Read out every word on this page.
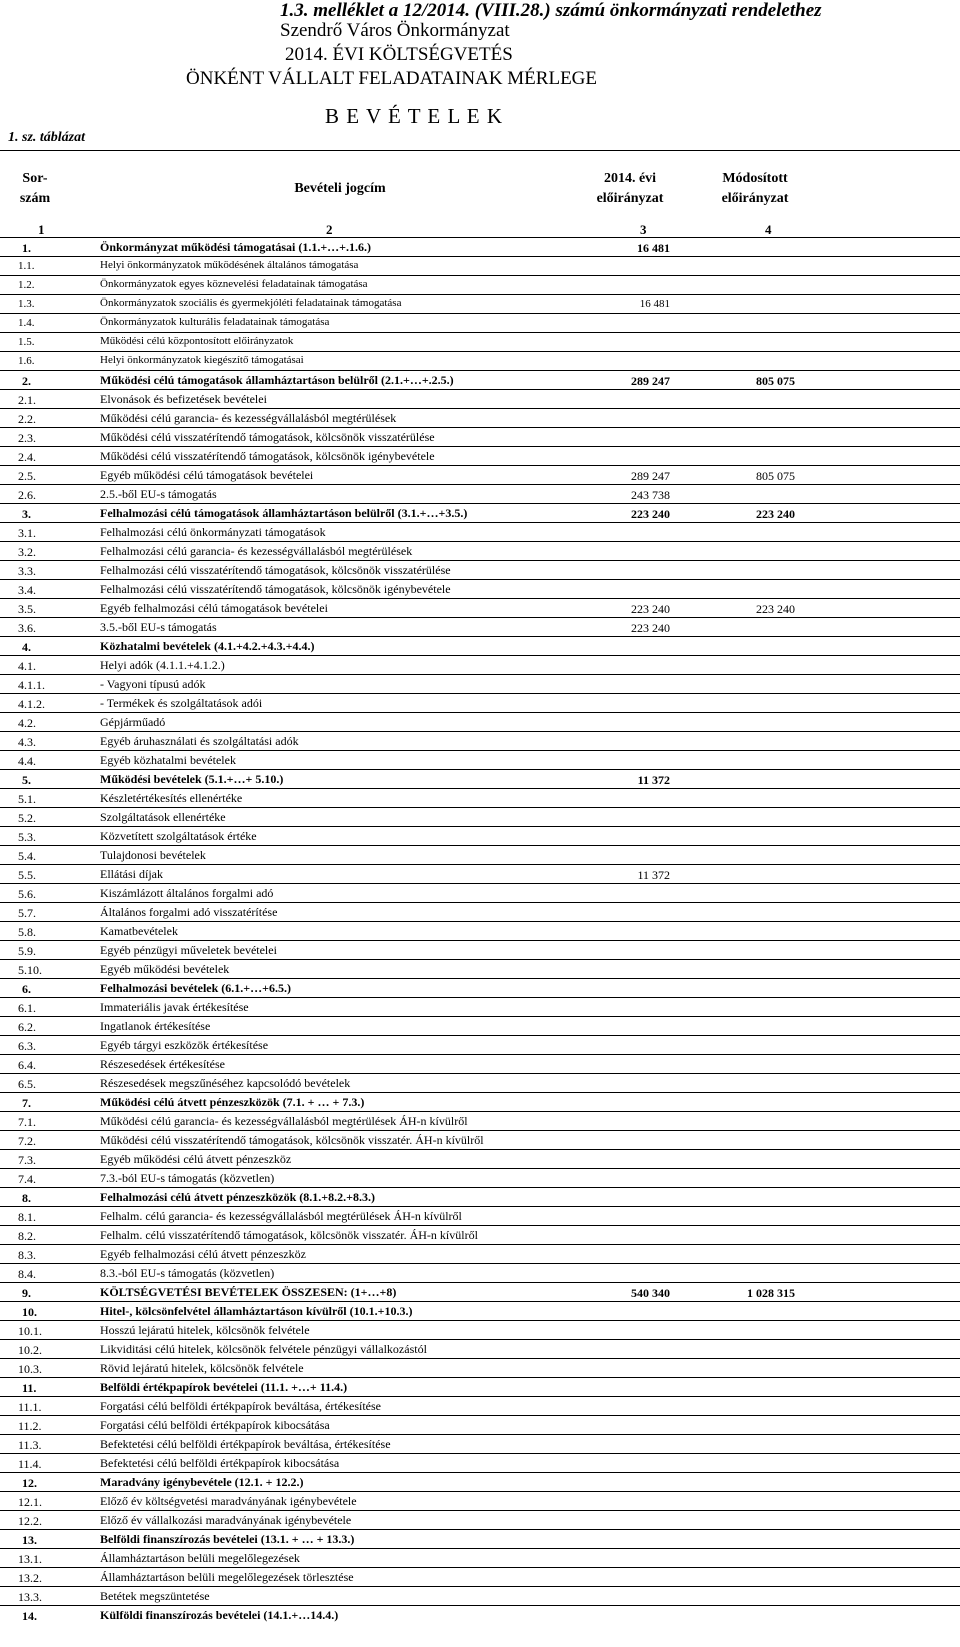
1.3. melléklet a 12/2014. (VIII.28.) számú önkormányzati rendelethez
Szendrő Város Önkormányzat
2014. ÉVI KÖLTSÉGVETÉS
ÖNKÉNT VÁLLALT FELADATAINAK MÉRLEGE
B E V É T E L E K
1. sz. táblázat
Sor-
szám
Bevételi jogcím
2014. évi
előirányzat
Módosított
előirányzat
1	2	3	4
1.	Önkormányzat működési támogatásai (1.1.+…+.1.6.)	16 481
1.1.	Helyi önkormányzatok működésének általános támogatása
1.2.	Önkormányzatok egyes köznevelési feladatainak támogatása
1.3.	Önkormányzatok szociális és gyermekjóléti feladatainak támogatása	16 481
1.4.	Önkormányzatok kulturális feladatainak támogatása
1.5.	Működési célú központosított előirányzatok
1.6.	Helyi önkormányzatok kiegészítő támogatásai
2.	Működési célú támogatások államháztartáson belülről (2.1.+…+.2.5.)	289 247	805 075
2.1.	Elvonások és befizetések bevételei
2.2.	Működési célú garancia- és kezességvállalásból megtérülések
2.3.	Működési célú visszatérítendő támogatások, kölcsönök visszatérülése
2.4.	Működési célú visszatérítendő támogatások, kölcsönök igénybevétele
2.5.	Egyéb működési célú támogatások bevételei	289 247	805 075
2.6.	2.5.-ből EU-s támogatás	243 738
3.	Felhalmozási célú támogatások államháztartáson belülről (3.1.+…+3.5.)	223 240	223 240
3.1.	Felhalmozási célú önkormányzati támogatások
3.2.	Felhalmozási célú garancia- és kezességvállalásból megtérülések
3.3.	Felhalmozási célú visszatérítendő támogatások, kölcsönök visszatérülése
3.4.	Felhalmozási célú visszatérítendő támogatások, kölcsönök igénybevétele
3.5.	Egyéb felhalmozási célú támogatások bevételei	223 240	223 240
3.6.	3.5.-ből EU-s támogatás	223 240
4.	Közhatalmi bevételek (4.1.+4.2.+4.3.+4.4.)
4.1.	Helyi adók (4.1.1.+4.1.2.)
4.1.1.	- Vagyoni típusú adók
4.1.2.	- Termékek és szolgáltatások adói
4.2.	Gépjárműadó
4.3.	Egyéb áruhasználati és szolgáltatási adók
4.4.	Egyéb közhatalmi bevételek
5.	Működési bevételek (5.1.+…+ 5.10.)	11 372
5.1.	Készletértékesítés ellenértéke
5.2.	Szolgáltatások ellenértéke
5.3.	Közvetített szolgáltatások értéke
5.4.	Tulajdonosi bevételek
5.5.	Ellátási díjak	11 372
5.6.	Kiszámlázott általános forgalmi adó
5.7.	Általános forgalmi adó visszatérítése
5.8.	Kamatbevételek
5.9.	Egyéb pénzügyi műveletek bevételei
5.10.	Egyéb működési bevételek
6.	Felhalmozási bevételek (6.1.+…+6.5.)
6.1.	Immateriális javak értékesítése
6.2.	Ingatlanok értékesítése
6.3.	Egyéb tárgyi eszközök értékesítése
6.4.	Részesedések értékesítése
6.5.	Részesedések megszűnéséhez kapcsolódó bevételek
7.	Működési célú átvett pénzeszközök (7.1. + … + 7.3.)
7.1.	Működési célú garancia- és kezességvállalásból megtérülések ÁH-n kívülről
7.2.	Működési célú visszatérítendő támogatások, kölcsönök visszatér. ÁH-n kívülről
7.3.	Egyéb működési célú átvett pénzeszköz
7.4.	7.3.-ból EU-s támogatás (közvetlen)
8.	Felhalmozási célú átvett pénzeszközök (8.1.+8.2.+8.3.)
8.1.	Felhalm. célú garancia- és kezességvállalásból megtérülések ÁH-n kívülről
8.2.	Felhalm. célú visszatérítendő támogatások, kölcsönök visszatér. ÁH-n kívülről
8.3.	Egyéb felhalmozási célú átvett pénzeszköz
8.4.	8.3.-ból EU-s támogatás (közvetlen)
9.	KÖLTSÉGVETÉSI BEVÉTELEK ÖSSZESEN: (1+…+8)	540 340	1 028 315
10.	Hitel-, kölcsönfelvétel államháztartáson kívülről (10.1.+10.3.)
10.1.	Hosszú lejáratú hitelek, kölcsönök felvétele
10.2.	Likviditási célú hitelek, kölcsönök felvétele pénzügyi vállalkozástól
10.3.	Rövid lejáratú hitelek, kölcsönök felvétele
11.	Belföldi értékpapírok bevételei (11.1. +…+ 11.4.)
11.1.	Forgatási célú belföldi értékpapírok beváltása, értékesítése
11.2.	Forgatási célú belföldi értékpapírok kibocsátása
11.3.	Befektetési célú belföldi értékpapírok beváltása, értékesítése
11.4.	Befektetési célú belföldi értékpapírok kibocsátása
12.	Maradvány igénybevétele (12.1. + 12.2.)
12.1.	Előző év költségvetési maradványának igénybevétele
12.2.	Előző év vállalkozási maradványának igénybevétele
13.	Belföldi finanszírozás bevételei (13.1. + … + 13.3.)
13.1.	Államháztartáson belüli megelőlegezések
13.2.	Államháztartáson belüli megelőlegezések törlesztése
13.3.	Betétek megszüntetése
14.	Külföldi finanszírozás bevételei (14.1.+…14.4.)
